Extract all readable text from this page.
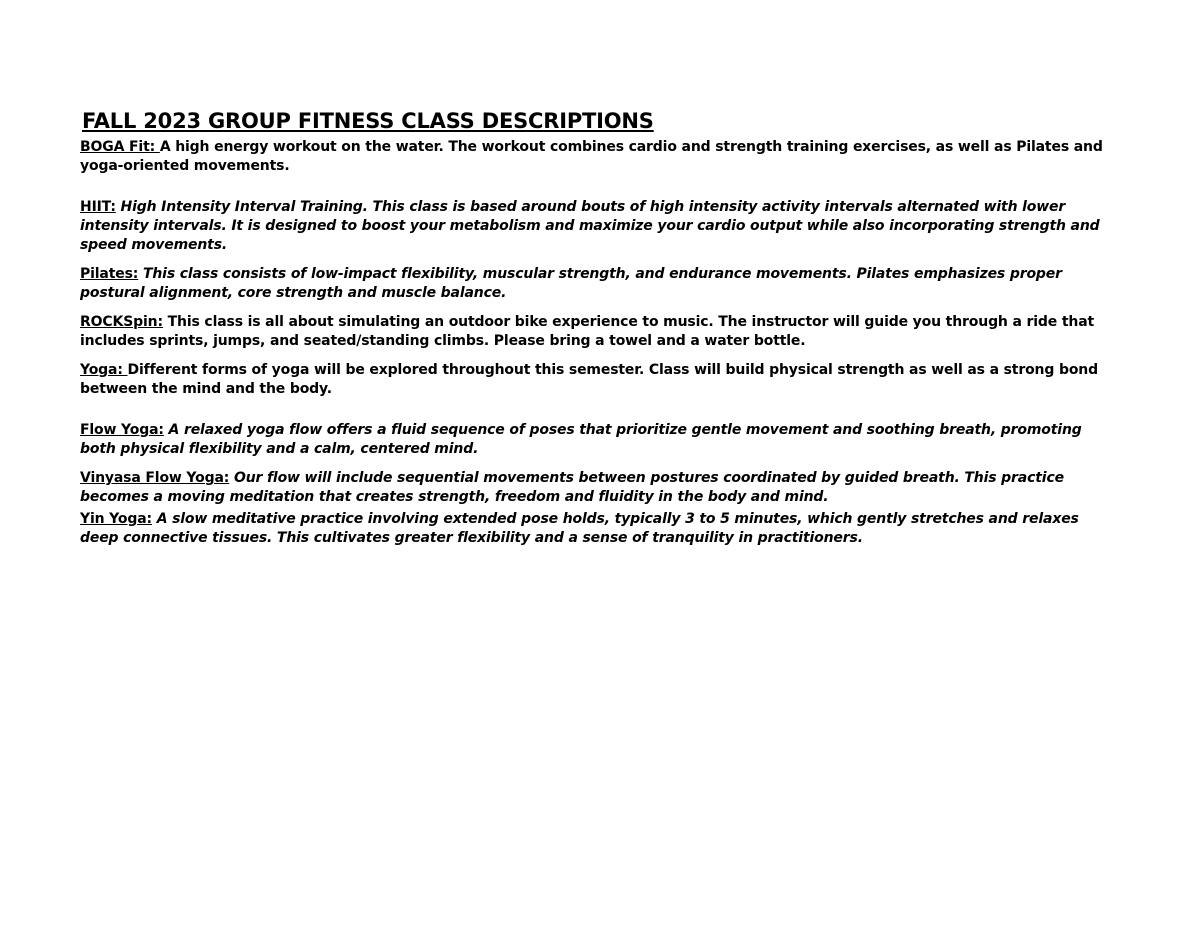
FALL 2023 GROUP FITNESS CLASS DESCRIPTIONS
BOGA Fit: A high energy workout on the water. The workout combines cardio and strength training exercises, as well as Pilates and yoga-oriented movements.
HIIT: High Intensity Interval Training. This class is based around bouts of high intensity activity intervals alternated with lower intensity intervals. It is designed to boost your metabolism and maximize your cardio output while also incorporating strength and speed movements.
Pilates: This class consists of low-impact flexibility, muscular strength, and endurance movements. Pilates emphasizes proper postural alignment, core strength and muscle balance.
ROCKSpin: This class is all about simulating an outdoor bike experience to music. The instructor will guide you through a ride that includes sprints, jumps, and seated/standing climbs. Please bring a towel and a water bottle.
Yoga: Different forms of yoga will be explored throughout this semester. Class will build physical strength as well as a strong bond between the mind and the body.
Flow Yoga: A relaxed yoga flow offers a fluid sequence of poses that prioritize gentle movement and soothing breath, promoting both physical flexibility and a calm, centered mind.
Vinyasa Flow Yoga: Our flow will include sequential movements between postures coordinated by guided breath. This practice becomes a moving meditation that creates strength, freedom and fluidity in the body and mind.
Yin Yoga: A slow meditative practice involving extended pose holds, typically 3 to 5 minutes, which gently stretches and relaxes deep connective tissues. This cultivates greater flexibility and a sense of tranquility in practitioners.
